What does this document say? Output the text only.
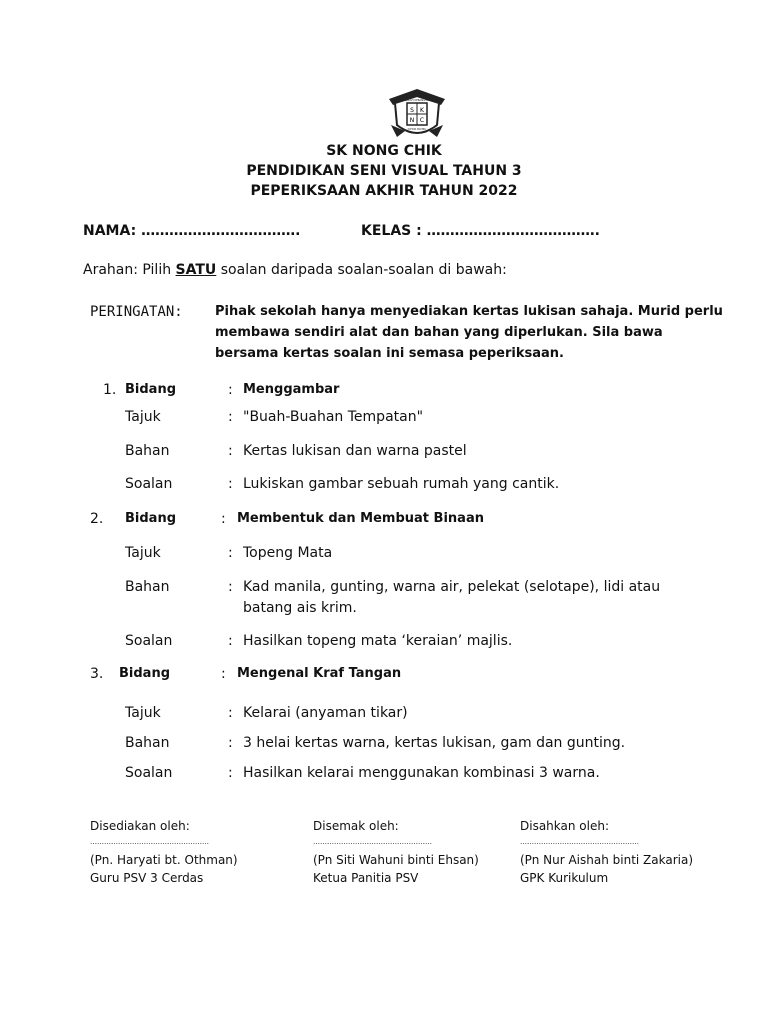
S K
N C
SEKOLAH KEBANGSAAN
JOHOR BAHRU
SK NONG CHIK
PENDIDIKAN SENI VISUAL TAHUN 3
PEPERIKSAAN AKHIR TAHUN 2022
NAMA: …………………………….	KELAS : ……………………………….
Arahan: Pilih SATU soalan daripada soalan-soalan di bawah:
PERINGATAN: Pihak sekolah hanya menyediakan kertas lukisan sahaja. Murid perlu
membawa sendiri alat dan bahan yang diperlukan. Sila bawa
bersama kertas soalan ini semasa peperiksaan.
1. Bidang	: Menggambar
Tajuk	: "Buah-Buahan Tempatan"
Bahan	: Kertas lukisan dan warna pastel
Soalan	: Lukiskan gambar sebuah rumah yang cantik.
2. Bidang	: Membentuk dan Membuat Binaan
Tajuk	: Topeng Mata
Bahan	: Kad manila, gunting, warna air, pelekat (selotape), lidi atau
batang ais krim.
Soalan	: Hasilkan topeng mata ‘keraian’ majlis.
3. Bidang	: Mengenal Kraf Tangan
Tajuk	: Kelarai (anyaman tikar)
Bahan	: 3 helai kertas warna, kertas lukisan, gam dan gunting.
Soalan	: Hasilkan kelarai menggunakan kombinasi 3 warna.
Disediakan oleh:
……………………………………………
(Pn. Haryati bt. Othman)
Guru PSV 3 Cerdas
Disemak oleh:
……………………………………………
(Pn Siti Wahuni binti Ehsan)
Ketua Panitia PSV
Disahkan oleh:
……………………………………………
(Pn Nur Aishah binti Zakaria)
GPK Kurikulum
